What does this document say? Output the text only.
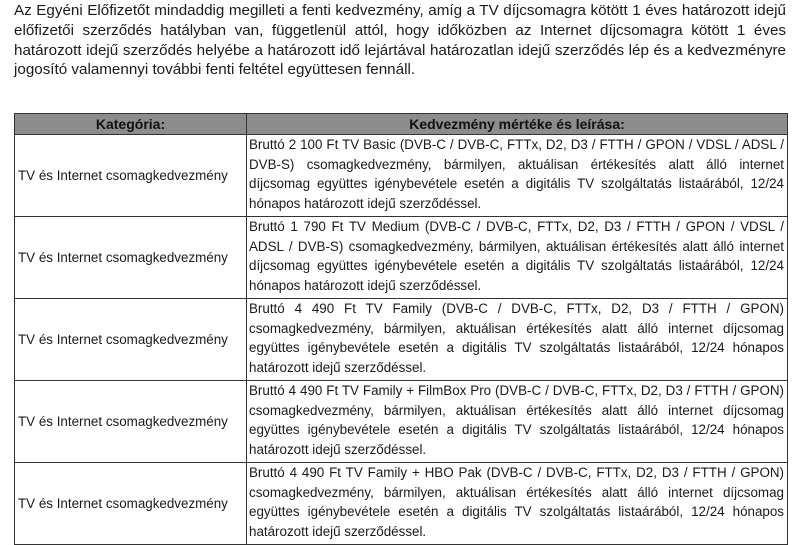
Az Egyéni Előfizetőt mindaddig megilleti a fenti kedvezmény, amíg a TV díjcsomagra kötött 1 éves határozott idejű előfizetői szerződés hatályban van, függetlenül attól, hogy időközben az Internet díjcsomagra kötött 1 éves határozott idejű szerződés helyébe a határozott idő lejártával határozatlan idejű szerződés lép és a kedvezményre jogosító valamennyi további fenti feltétel együttesen fennáll.

Kategória:	Kedvezmény mértéke és leírása:
TV és Internet csomagkedvezmény	Bruttó 2 100 Ft TV Basic (DVB-C / DVB-C, FTTx, D2, D3 / FTTH / GPON / VDSL / ADSL / DVB-S) csomagkedvezmény, bármilyen, aktuálisan értékesítés alatt álló internet díjcsomag együttes igénybevétele esetén a digitális TV szolgáltatás listaárából, 12/24 hónapos határozott idejű szerződéssel.
TV és Internet csomagkedvezmény	Bruttó 1 790 Ft TV Medium (DVB-C / DVB-C, FTTx, D2, D3 / FTTH / GPON / VDSL / ADSL / DVB-S) csomagkedvezmény, bármilyen, aktuálisan értékesítés alatt álló internet díjcsomag együttes igénybevétele esetén a digitális TV szolgáltatás listaárából, 12/24 hónapos határozott idejű szerződéssel.
TV és Internet csomagkedvezmény	Bruttó 4 490 Ft TV Family (DVB-C / DVB-C, FTTx, D2, D3 / FTTH / GPON) csomagkedvezmény, bármilyen, aktuálisan értékesítés alatt álló internet díjcsomag együttes igénybevétele esetén a digitális TV szolgáltatás listaárából, 12/24 hónapos határozott idejű szerződéssel.
TV és Internet csomagkedvezmény	Bruttó 4 490 Ft TV Family + FilmBox Pro (DVB-C / DVB-C, FTTx, D2, D3 / FTTH / GPON) csomagkedvezmény, bármilyen, aktuálisan értékesítés alatt álló internet díjcsomag együttes igénybevétele esetén a digitális TV szolgáltatás listaárából, 12/24 hónapos határozott idejű szerződéssel.
TV és Internet csomagkedvezmény	Bruttó 4 490 Ft TV Family + HBO Pak (DVB-C / DVB-C, FTTx, D2, D3 / FTTH / GPON) csomagkedvezmény, bármilyen, aktuálisan értékesítés alatt álló internet díjcsomag együttes igénybevétele esetén a digitális TV szolgáltatás listaárából, 12/24 hónapos határozott idejű szerződéssel.
